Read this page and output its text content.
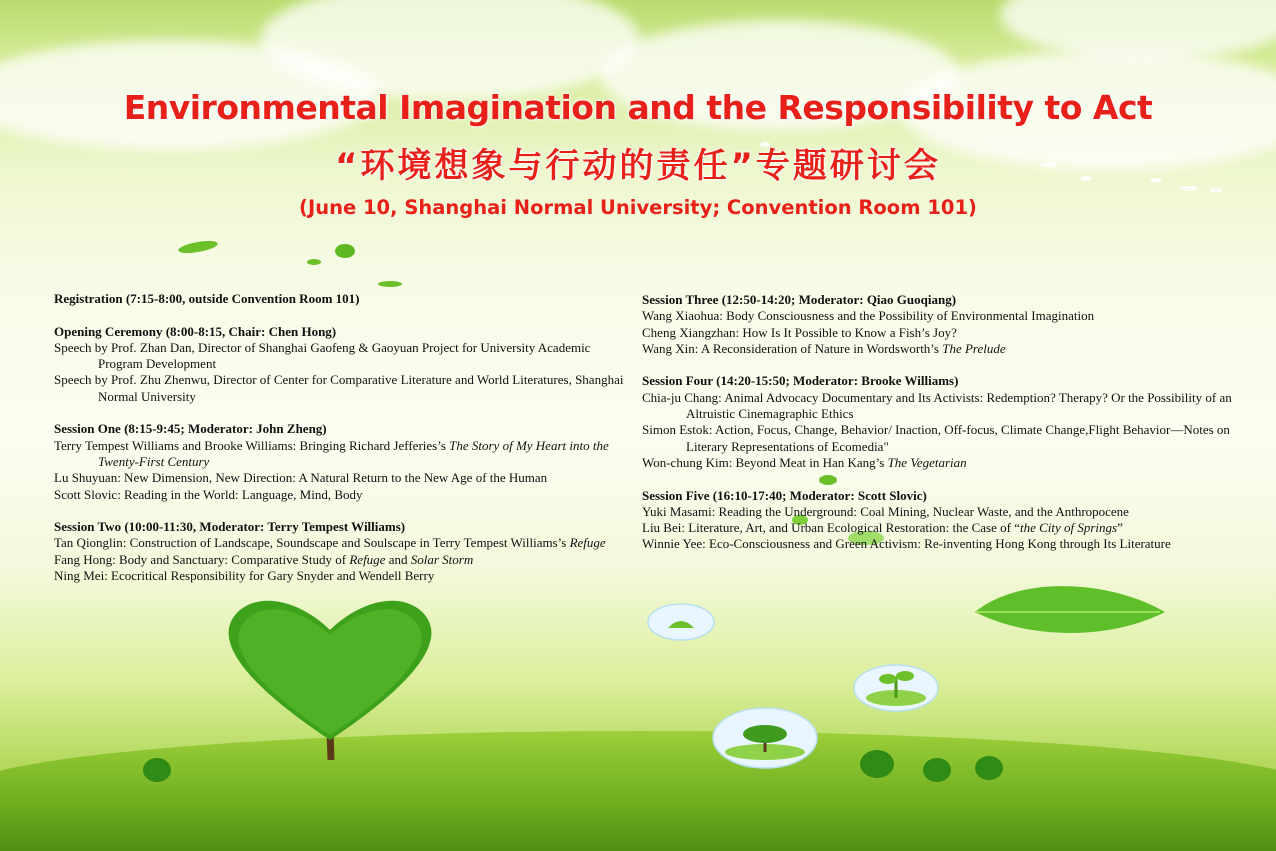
Environmental Imagination and the Responsibility to Act
“环境想象与行动的责任”专题研讨会
(June 10, Shanghai Normal University; Convention Room 101)
Registration (7:15-8:00, outside Convention Room 101)
Opening Ceremony (8:00-8:15, Chair: Chen Hong)
Speech by Prof. Zhan Dan, Director of Shanghai Gaofeng & Gaoyuan Project for University Academic Program Development
Speech by Prof. Zhu Zhenwu, Director of Center for Comparative Literature and World Literatures, Shanghai Normal University
Session One (8:15-9:45; Moderator: John Zheng)
Terry Tempest Williams and Brooke Williams: Bringing Richard Jefferies’s The Story of My Heart into the Twenty-First Century
Lu Shuyuan: New Dimension, New Direction: A Natural Return to the New Age of the Human
Scott Slovic: Reading in the World: Language, Mind, Body
Session Two (10:00-11:30, Moderator: Terry Tempest Williams)
Tan Qionglin: Construction of Landscape, Soundscape and Soulscape in Terry Tempest Williams’s Refuge
Fang Hong: Body and Sanctuary: Comparative Study of Refuge and Solar Storm
Ning Mei: Ecocritical Responsibility for Gary Snyder and Wendell Berry
Session Three (12:50-14:20; Moderator: Qiao Guoqiang)
Wang Xiaohua: Body Consciousness and the Possibility of Environmental Imagination
Cheng Xiangzhan: How Is It Possible to Know a Fish’s Joy?
Wang Xin: A Reconsideration of Nature in Wordsworth’s The Prelude
Session Four (14:20-15:50; Moderator: Brooke Williams)
Chia-ju Chang: Animal Advocacy Documentary and Its Activists: Redemption? Therapy? Or the Possibility of an Altruistic Cinemagraphic Ethics
Simon Estok: Action, Focus, Change, Behavior/ Inaction, Off-focus, Climate Change,Flight Behavior—Notes on Literary Representations of Ecomedia"
Won-chung Kim: Beyond Meat in Han Kang’s The Vegetarian
Session Five (16:10-17:40; Moderator: Scott Slovic)
Yuki Masami: Reading the Underground: Coal Mining, Nuclear Waste, and the Anthropocene
Liu Bei: Literature, Art, and Urban Ecological Restoration: the Case of “the City of Springs”
Winnie Yee: Eco-Consciousness and Green Activism: Re-inventing Hong Kong through Its Literature
